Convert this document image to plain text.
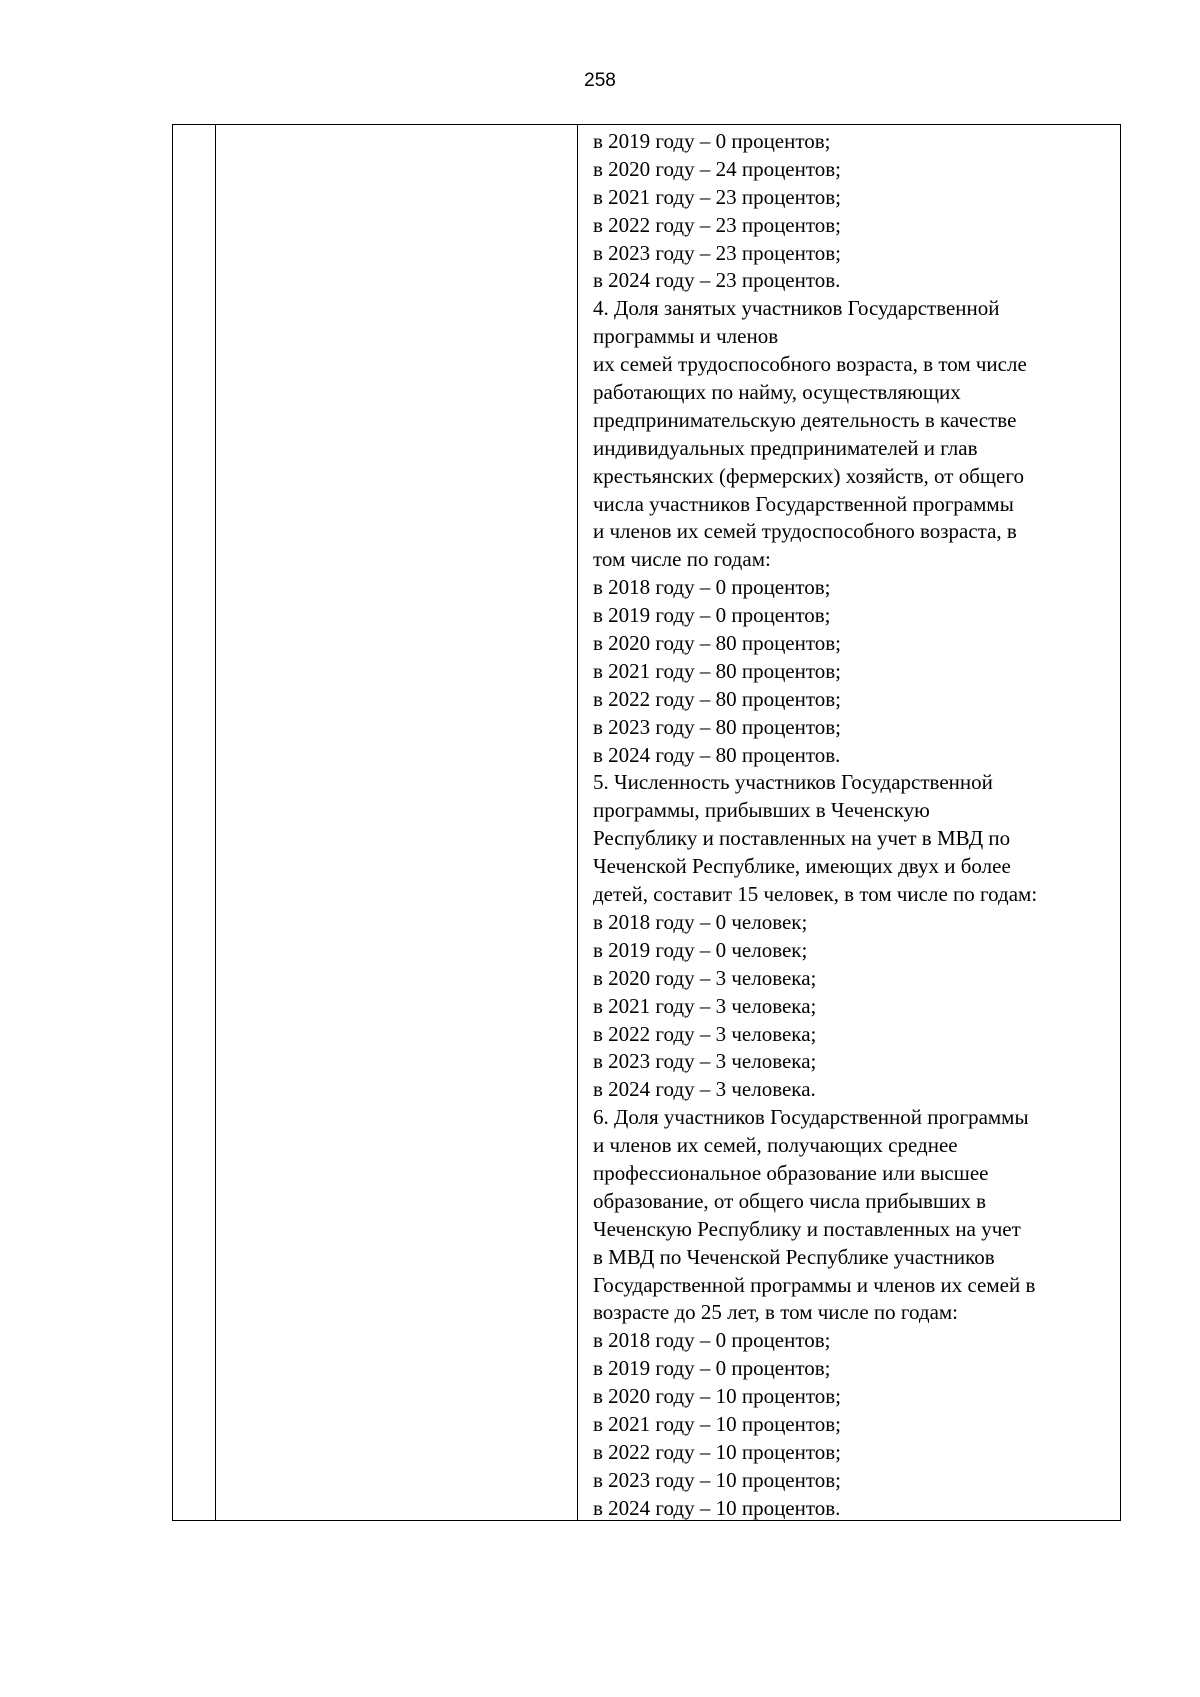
258
в 2019 году – 0 процентов;
в 2020 году – 24 процентов;
в 2021 году – 23 процентов;
в 2022 году – 23 процентов;
в 2023 году – 23 процентов;
в 2024 году – 23 процентов.
4. Доля занятых участников Государственной
программы и членов
их семей трудоспособного возраста, в том числе
работающих по найму, осуществляющих
предпринимательскую деятельность в качестве
индивидуальных предпринимателей и глав
крестьянских (фермерских) хозяйств, от общего
числа участников Государственной программы
и членов их семей трудоспособного возраста, в
том числе по годам:
в 2018 году – 0 процентов;
в 2019 году – 0 процентов;
в 2020 году – 80 процентов;
в 2021 году – 80 процентов;
в 2022 году – 80 процентов;
в 2023 году – 80 процентов;
в 2024 году – 80 процентов.
5. Численность участников Государственной
программы, прибывших в Чеченскую
Республику и поставленных на учет в МВД по
Чеченской Республике, имеющих двух и более
детей, составит 15 человек, в том числе по годам:
в 2018 году – 0 человек;
в 2019 году – 0 человек;
в 2020 году – 3 человека;
в 2021 году – 3 человека;
в 2022 году – 3 человека;
в 2023 году – 3 человека;
в 2024 году – 3 человека.
6. Доля участников Государственной программы
и членов их семей, получающих среднее
профессиональное образование или высшее
образование, от общего числа прибывших в
Чеченскую Республику и поставленных на учет
в МВД по Чеченской Республике участников
Государственной программы и членов их семей в
возрасте до 25 лет, в том числе по годам:
в 2018 году – 0 процентов;
в 2019 году – 0 процентов;
в 2020 году – 10 процентов;
в 2021 году – 10 процентов;
в 2022 году – 10 процентов;
в 2023 году – 10 процентов;
в 2024 году – 10 процентов.
